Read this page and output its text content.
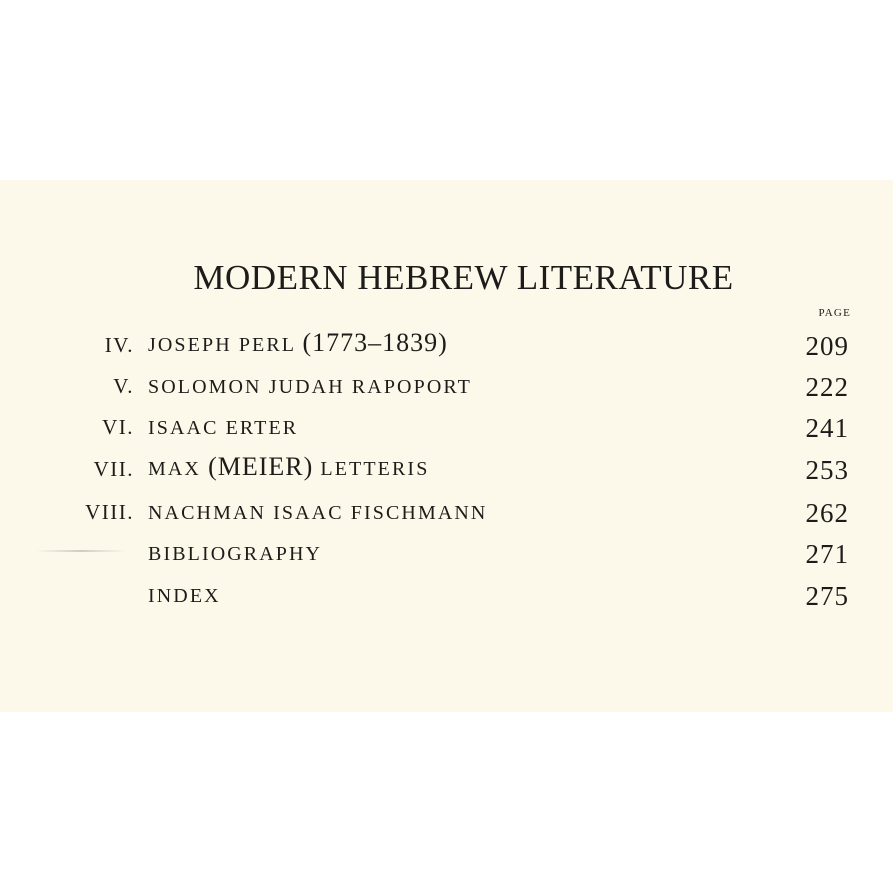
MODERN HEBREW LITERATURE
PAGE
IV. JOSEPH PERL (1773–1839)	209
V. SOLOMON JUDAH RAPOPORT	222
VI. ISAAC ERTER	241
VII. MAX (MEIER) LETTERIS	253
VIII. NACHMAN ISAAC FISCHMANN	262
BIBLIOGRAPHY	271
INDEX	275
